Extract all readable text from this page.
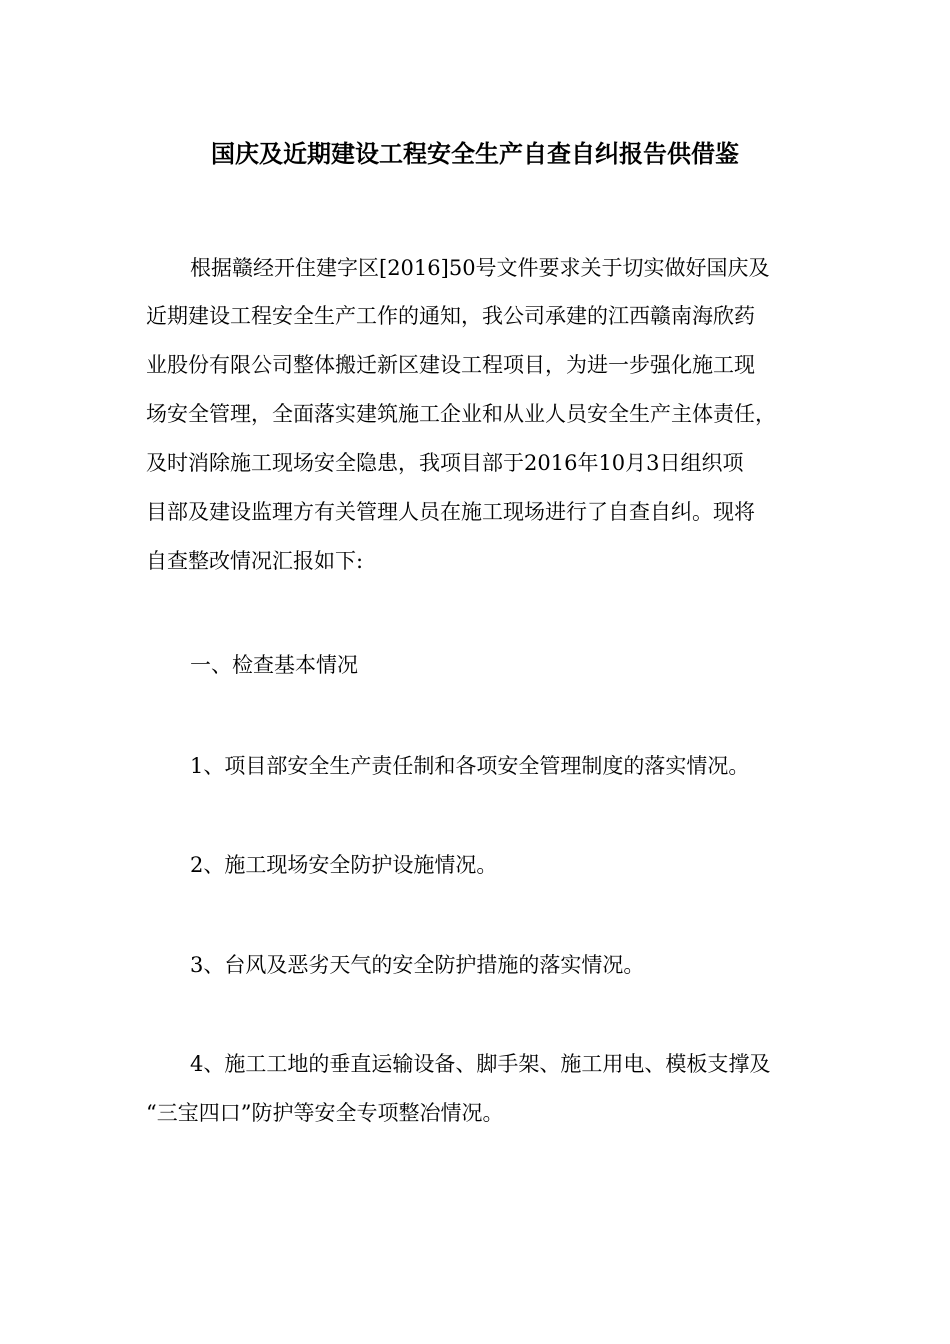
国庆及近期建设工程安全生产自查自纠报告供借鉴
根据赣经开住建字区[2016]50号文件要求关于切实做好国庆及
近期建设工程安全生产工作的通知，我公司承建的江西赣南海欣药
业股份有限公司整体搬迁新区建设工程项目，为进一步强化施工现
场安全管理，全面落实建筑施工企业和从业人员安全生产主体责任，
及时消除施工现场安全隐患，我项目部于2016年10月3日组织项
目部及建设监理方有关管理人员在施工现场进行了自查自纠。现将
自查整改情况汇报如下:
一、检查基本情况
1、项目部安全生产责任制和各项安全管理制度的落实情况。
2、施工现场安全防护设施情况。
3、台风及恶劣天气的安全防护措施的落实情况。
4、施工工地的垂直运输设备、脚手架、施工用电、模板支撑及
“三宝四口”防护等安全专项整冶情况。
